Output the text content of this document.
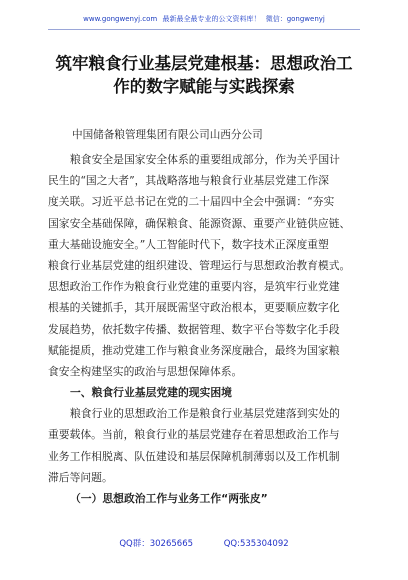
www.gongwenyj.com 最新最全最专业的公文资料库！ 微信：gongwenyj
筑牢粮食行业基层党建根基：思想政治工
作的数字赋能与实践探索
中国储备粮管理集团有限公司山西分公司
粮食安全是国家安全体系的重要组成部分，作为关乎国计
民生的“国之大者”，其战略落地与粮食行业基层党建工作深
度关联。习近平总书记在党的二十届四中全会中强调：“夯实
国家安全基础保障，确保粮食、能源资源、重要产业链供应链、
重大基础设施安全。”人工智能时代下，数字技术正深度重塑
粮食行业基层党建的组织建设、管理运行与思想政治教育模式。
思想政治工作作为粮食行业党建的重要内容，是筑牢行业党建
根基的关键抓手，其开展既需坚守政治根本，更要顺应数字化
发展趋势，依托数字传播、数据管理、数字平台等数字化手段
赋能提质，推动党建工作与粮食业务深度融合，最终为国家粮
食安全构建坚实的政治与思想保障体系。
一、粮食行业基层党建的现实困境
粮食行业的思想政治工作是粮食行业基层党建落到实处的
重要载体。当前，粮食行业的基层党建存在着思想政治工作与
业务工作相脱离、队伍建设和基层保障机制薄弱以及工作机制
滞后等问题。
（一）思想政治工作与业务工作“两张皮”
QQ群：30265665	QQ:535304092
